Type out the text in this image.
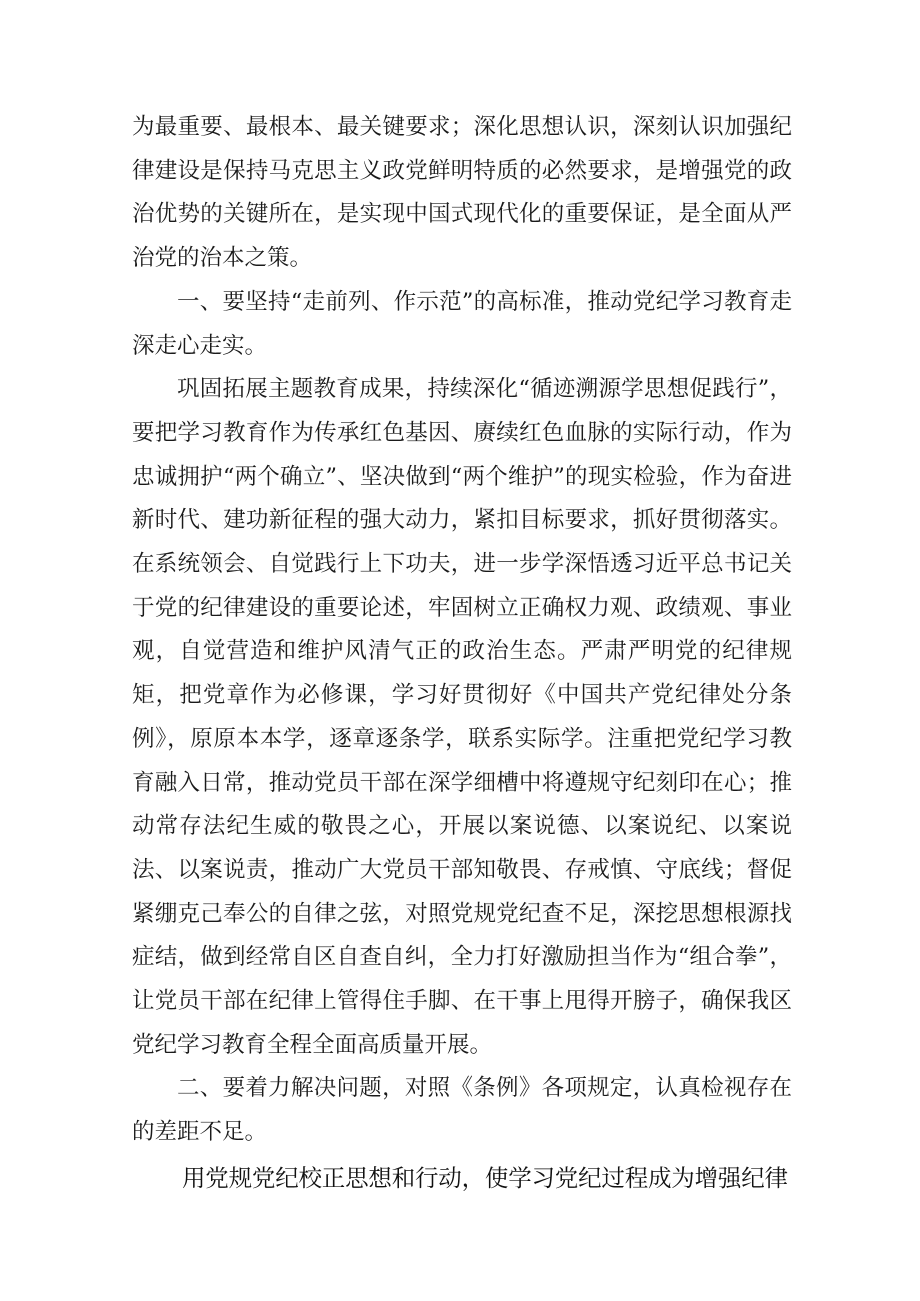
为最重要、最根本、最关键要求；深化思想认识，深刻认识加强纪律建设是保持马克思主义政党鲜明特质的必然要求，是增强党的政治优势的关键所在，是实现中国式现代化的重要保证，是全面从严治党的治本之策。

一、要坚持“走前列、作示范”的高标准，推动党纪学习教育走深走心走实。

巩固拓展主题教育成果，持续深化“循迹溯源学思想促践行”，要把学习教育作为传承红色基因、赓续红色血脉的实际行动，作为忠诚拥护“两个确立”、坚决做到“两个维护”的现实检验，作为奋进新时代、建功新征程的强大动力，紧扣目标要求，抓好贯彻落实。在系统领会、自觉践行上下功夫，进一步学深悟透习近平总书记关于党的纪律建设的重要论述，牢固树立正确权力观、政绩观、事业观，自觉营造和维护风清气正的政治生态。严肃严明党的纪律规矩，把党章作为必修课，学习好贯彻好《中国共产党纪律处分条例》，原原本本学，逐章逐条学，联系实际学。注重把党纪学习教育融入日常，推动党员干部在深学细槽中将遵规守纪刻印在心；推动常存法纪生威的敬畏之心，开展以案说德、以案说纪、以案说法、以案说责，推动广大党员干部知敬畏、存戒慎、守底线；督促紧绷克己奉公的自律之弦，对照党规党纪查不足，深挖思想根源找症结，做到经常自区自查自纠，全力打好激励担当作为“组合拳”，让党员干部在纪律上管得住手脚、在干事上甩得开膀子，确保我区党纪学习教育全程全面高质量开展。

二、要着力解决问题，对照《条例》各项规定，认真检视存在的差距不足。

用党规党纪校正思想和行动，使学习党纪过程成为增强纪律
